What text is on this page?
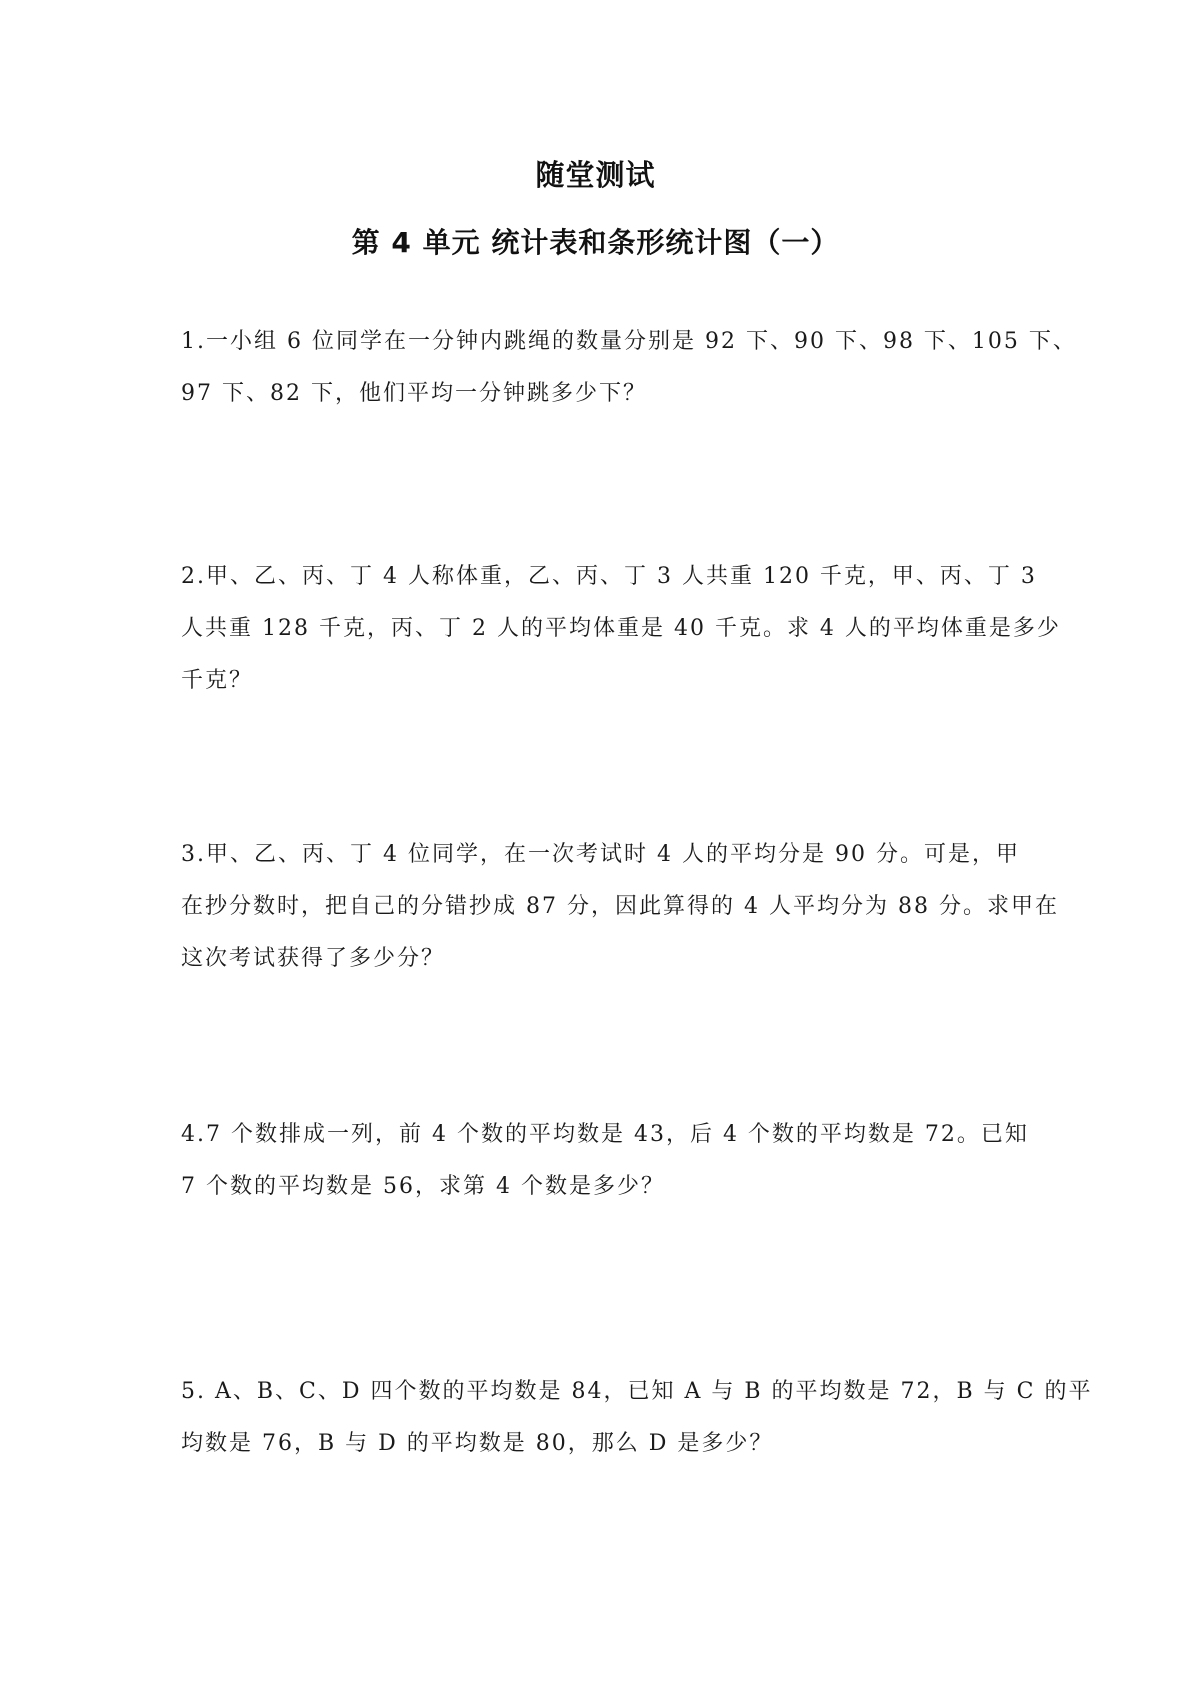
随堂测试
第 4 单元 统计表和条形统计图（一）
1.一小组 6 位同学在一分钟内跳绳的数量分别是 92 下、90 下、98 下、105 下、
97 下、82 下，他们平均一分钟跳多少下？
2.甲、乙、丙、丁 4 人称体重，乙、丙、丁 3 人共重 120 千克，甲、丙、丁 3
人共重 128 千克，丙、丁 2 人的平均体重是 40 千克。求 4 人的平均体重是多少
千克？
3.甲、乙、丙、丁 4 位同学，在一次考试时 4 人的平均分是 90 分。可是，甲
在抄分数时，把自己的分错抄成 87 分，因此算得的 4 人平均分为 88 分。求甲在
这次考试获得了多少分？
4.7 个数排成一列，前 4 个数的平均数是 43，后 4 个数的平均数是 72。已知
7 个数的平均数是 56，求第 4 个数是多少？
5. A、B、C、D 四个数的平均数是 84，已知 A 与 B 的平均数是 72，B 与 C 的平
均数是 76，B 与 D 的平均数是 80，那么 D 是多少？
